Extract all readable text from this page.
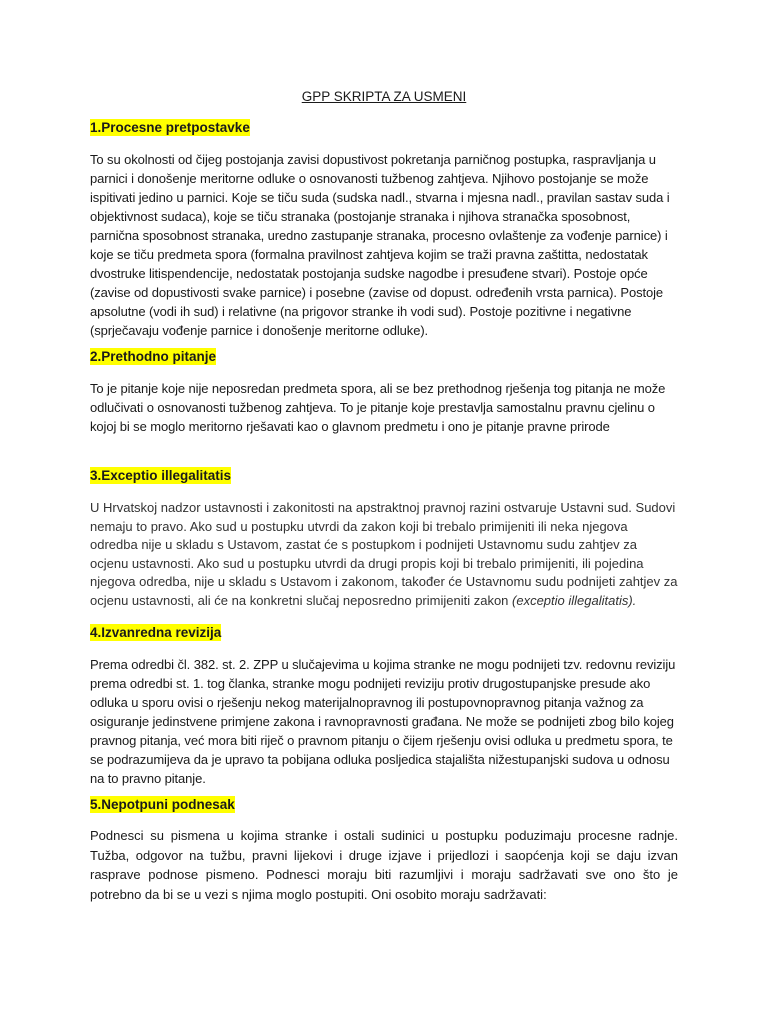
GPP SKRIPTA ZA USMENI
1.Procesne pretpostavke

To su okolnosti od čijeg postojanja zavisi dopustivost pokretanja parničnog postupka, raspravljanja u parnici i donošenje meritorne odluke o osnovanosti tužbenog zahtjeva. Njihovo postojanje se može ispitivati jedino u parnici. Koje se tiču suda (sudska nadl., stvarna i mjesna nadl., pravilan sastav suda i objektivnost sudaca), koje se tiču stranaka (postojanje stranaka i njihova stranačka sposobnost, parnična sposobnost stranaka, uredno zastupanje stranaka, procesno ovlaštenje za vođenje parnice) i koje se tiču predmeta spora (formalna pravilnost zahtjeva kojim se traži pravna zaštitta, nedostatak dvostruke litispendencije, nedostatak postojanja sudske nagodbe i presuđene stvari). Postoje opće (zavise od dopustivosti svake parnice) i posebne (zavise od dopust. određenih vrsta parnica). Postoje apsolutne (vodi ih sud) i relativne (na prigovor stranke ih vodi sud). Postoje pozitivne i negativne (sprječavaju vođenje parnice i donošenje meritorne odluke).

2.Prethodno pitanje

To je pitanje koje nije neposredan predmeta spora, ali se bez prethodnog rješenja tog pitanja ne može odlučivati o osnovanosti tužbenog zahtjeva. To je pitanje koje prestavlja samostalnu pravnu cjelinu o kojoj bi se moglo meritorno rješavati kao o glavnom predmetu i ono je pitanje pravne prirode

3.Exceptio illegalitatis

U Hrvatskoj nadzor ustavnosti i zakonitosti na apstraktnoj pravnoj razini ostvaruje Ustavni sud. Sudovi nemaju to pravo. Ako sud u postupku utvrdi da zakon koji bi trebalo primijeniti ili neka njegova odredba nije u skladu s Ustavom, zastat će s postupkom i podnijeti Ustavnomu sudu zahtjev za ocjenu ustavnosti. Ako sud u postupku utvrdi da drugi propis koji bi trebalo primijeniti, ili pojedina njegova odredba, nije u skladu s Ustavom i zakonom, također će Ustavnomu sudu podnijeti zahtjev za ocjenu ustavnosti, ali će na konkretni slučaj neposredno primijeniti zakon (exceptio illegalitatis).

4.Izvanredna revizija

Prema odredbi čl. 382. st. 2. ZPP u slučajevima u kojima stranke ne mogu podnijeti tzv. redovnu reviziju prema odredbi st. 1. tog članka, stranke mogu podnijeti reviziju protiv drugostupanjske presude ako odluka u sporu ovisi o rješenju nekog materijalnopravnog ili postupovnopravnog pitanja važnog za osiguranje jedinstvene primjene zakona i ravnopravnosti građana. Ne može se podnijeti zbog bilo kojeg pravnog pitanja, već mora biti riječ o pravnom pitanju o čijem rješenju ovisi odluka u predmetu spora, te se podrazumijeva da je upravo ta pobijana odluka posljedica stajališta nižestupanjski sudova u odnosu na to pravno pitanje.

5.Nepotpuni podnesak

Podnesci su pismena u kojima stranke i ostali sudinici u postupku poduzimaju procesne radnje. Tužba, odgovor na tužbu, pravni lijekovi i druge izjave i prijedlozi i saopćenja koji se daju izvan rasprave podnose pismeno. Podnesci moraju biti razumljivi i moraju sadržavati sve ono što je potrebno da bi se u vezi s njima moglo postupiti. Oni osobito moraju sadržavati:
